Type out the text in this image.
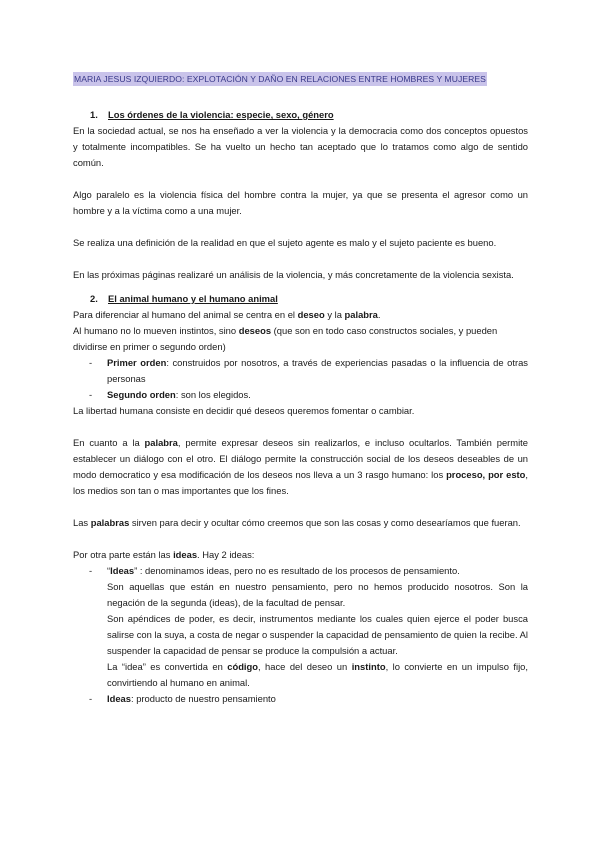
MARIA JESUS IZQUIERDO: EXPLOTACIÓN Y DAÑO EN RELACIONES ENTRE HOMBRES Y MUJERES
1.	Los órdenes de la violencia: especie, sexo, género

En la sociedad actual, se nos ha enseñado a ver la violencia y la democracia como dos conceptos opuestos y totalmente incompatibles. Se ha vuelto un hecho tan aceptado que lo tratamos como algo de sentido común.

Algo paralelo es la violencia física del hombre contra la mujer, ya que se presenta el agresor como un hombre y a la víctima como a una mujer.

Se realiza una definición de la realidad en que el sujeto agente es malo y el sujeto paciente es bueno.

En las próximas páginas realizaré un análisis de la violencia, y más concretamente de la violencia sexista.

2.	El animal humano y el humano animal

Para diferenciar al humano del animal se centra en el deseo y la palabra.

Al humano no lo mueven instintos, sino deseos (que son en todo caso constructos sociales, y pueden dividirse en primer o segundo orden)

-	Primer orden: construidos por nosotros, a través de experiencias pasadas o la influencia de otras personas
-	Segundo orden: son los elegidos.

La libertad humana consiste en decidir qué deseos queremos fomentar o cambiar.

En cuanto a la palabra, permite expresar deseos sin realizarlos, e incluso ocultarlos. También permite establecer un diálogo con el otro. El diálogo permite la construcción social de los deseos deseables de un modo democratico y esa modificación de los deseos nos lleva a un 3 rasgo humano: los proceso, por esto, los medios son tan o mas importantes que los fines.

Las palabras sirven para decir y ocultar cómo creemos que son las cosas y como desearíamos que fueran.

Por otra parte están las ideas. Hay 2 ideas:

-	“Ideas” : denominamos ideas, pero no es resultado de los procesos de pensamiento.

Son aquellas que están en nuestro pensamiento, pero no hemos producido nosotros. Son la negación de la segunda (ideas), de la facultad de pensar.

Son apéndices de poder, es decir, instrumentos mediante los cuales quien ejerce el poder busca salirse con la suya, a costa de negar o suspender la capacidad de pensamiento de quien la recibe. Al suspender la capacidad de pensar se produce la compulsión a actuar.

La “idea” es convertida en código, hace del deseo un instinto, lo convierte en un impulso fijo, convirtiendo al humano en animal.

-	Ideas: producto de nuestro pensamiento
